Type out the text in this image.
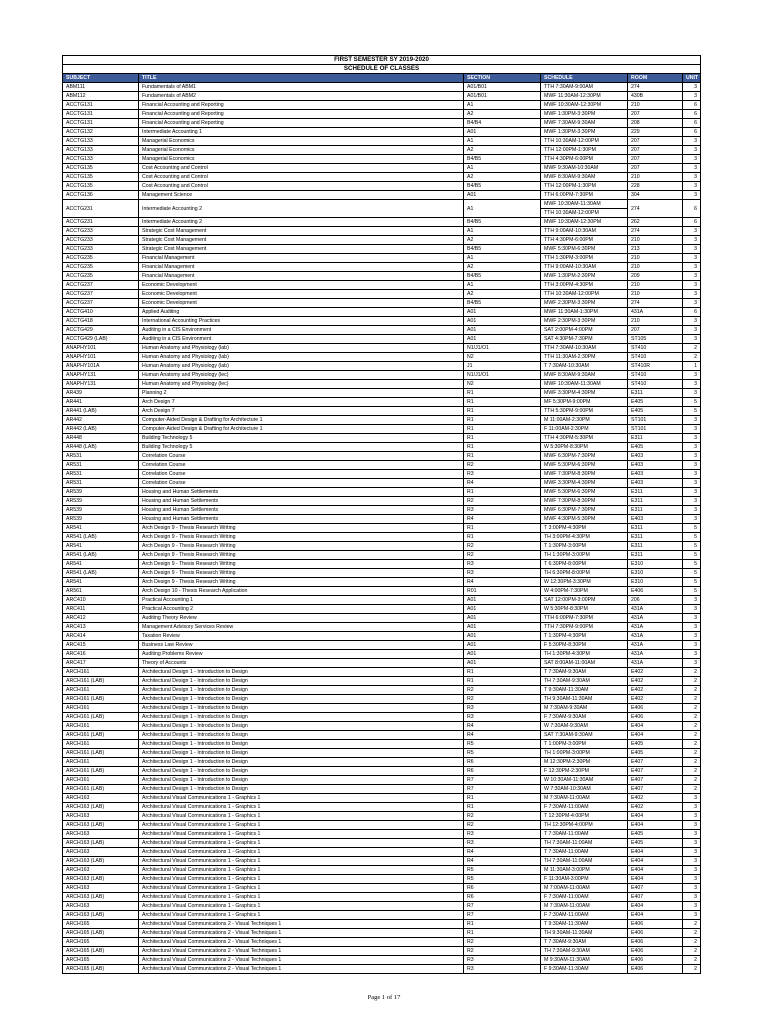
FIRST SEMESTER SY 2019-2020					
SCHEDULE OF CLASSES					
SUBJECT	TITLE	SECTION	SCHEDULE	ROOM	UNIT
ABM111	Fundamentals of ABM1	A01/B01	TTH 7:30AM-9:00AM	274	3
ABM112	Fundamentals of ABM2	A01/B01	MWF 11:30AM-12:30PM	430B	3
ACCTG131	Financial Accounting and Reporting	A1	MWF 10:30AM-12:30PM	210	6
ACCTG131	Financial Accounting and Reporting	A2	MWF 1:30PM-3:30PM	207	6
ACCTG131	Financial Accounting and Reporting	B4/B4	MWF 7:30AM-9:30AM	208	6
ACCTG132	Intermediate Accounting 1	A01	MWF 1:30PM-3:30PM	229	6
ACCTG133	Managerial Economics	A1	TTH 10:30AM-12:00PM	207	3
ACCTG133	Managerial Economics	A2	TTH 12:00PM-1:30PM	207	3
ACCTG133	Managerial Economics	B4/B5	TTH 4:30PM-6:00PM	207	3
ACCTG135	Cost Accounting and Control	A1	MWF 9:30AM-10:30AM	207	3
ACCTG135	Cost Accounting and Control	A2	MWF 8:30AM-9:30AM	210	3
ACCTG135	Cost Accounting and Control	B4/B5	TTH 12:00PM-1:30PM	228	3
ACCTG136	Management Science	A01	TTH 6:00PM-7:30PM	304	3
ACCTG231	Intermediate Accounting 2	A1	MWF 10:30AM-11:30AM
TTH 10:30AM-12:00PM	274	6
ACCTG231	Intermediate Accounting 2	B4/B5	MWF 10:30AM-12:30PM	262	6
ACCTG233	Strategic Cost Management	A1	TTH 9:00AM-10:30AM	274	3
ACCTG233	Strategic Cost Management	A2	TTH 4:30PM-6:00PM	210	3
ACCTG233	Strategic Cost Management	B4/B5	MWF 5:30PM-6:30PM	213	3
ACCTG235	Financial Management	A1	TTH 1:30PM-3:00PM	210	3
ACCTG235	Financial Management	A2	TTH 9:00AM-10:30AM	210	3
ACCTG235	Financial Management	B4/B5	MWF 1:30PM-2:30PM	209	3
ACCTG237	Economic Development	A1	TTH 3:00PM-4:30PM	210	3
ACCTG237	Economic Development	A2	TTH 10:30AM-12:00PM	210	3
ACCTG237	Economic Development	B4/B5	MWF 2:30PM-3:30PM	274	3
ACCTG410	Applied Auditing	A01	MWF 11:30AM-1:30PM	431A	6
ACCTG418	International Accounting Practices	A01	MWF 2:30PM-3:30PM	210	3
ACCTG429	Auditing in a CIS Environment	A01	SAT 2:00PM-4:00PM	207	3
ACCTG429 (LAB)	Auditing in a CIS Environment	A01	SAT 4:30PM-7:30PM	ST105	3
ANAPHY101	Human Anatomy and Physiology (lab)	N1/J1/O1	TTH 7:30AM-10:30AM	ST410	2
ANAPHY101	Human Anatomy and Physiology (lab)	N2	TTH 11:30AM-2:30PM	ST410	2
ANAPHY101A	Human Anatomy and Physiology (lab)	J1	T 7:30AM-10:30AM	ST410R	1
ANAPHY131	Human Anatomy and Physiology (lec)	N1/J1/O1	MWF 8:30AM-9:30AM	ST410	3
ANAPHY131	Human Anatomy and Physiology (lec)	N2	MWF 10:30AM-11:30AM	ST410	3
AR439	Planning 2	R1	MWF 3:30PM-4:30PM	E311	3
AR441	Arch Design 7	R1	MF 5:30PM-9:00PM	E405	5
AR441 (LAB)	Arch Design 7	R1	TTH 5:30PM-9:00PM	E405	5
AR442	Computer-Aided Design & Drafting for Architecture 1	R1	M 11:00AM-2:30PM	ST101	3
AR442 (LAB)	Computer-Aided Design & Drafting for Architecture 1	R1	F 11:00AM-2:30PM	ST101	3
AR448	Building Technology 5	R1	TTH 4:30PM-5:30PM	E311	3
AR448 (LAB)	Building Technology 5	R1	W 5:30PM-8:30PM	E405	3
AR531	Correlation Course	R1	MWF 6:30PM-7:30PM	E403	3
AR531	Correlation Course	R2	MWF 5:30PM-6:30PM	E403	3
AR531	Correlation Course	R3	MWF 7:30PM-8:30PM	E403	3
AR531	Correlation Course	R4	MWF 3:30PM-4:30PM	E403	3
AR539	Housing and Human Settlements	R1	MWF 5:30PM-6:30PM	E311	3
AR539	Housing and Human Settlements	R2	MWF 7:30PM-8:30PM	E311	3
AR539	Housing and Human Settlements	R3	MWF 6:30PM-7:30PM	E311	3
AR539	Housing and Human Settlements	R4	MWF 4:30PM-5:30PM	E403	3
AR541	Arch Design 9 - Thesis Research Writing	R1	T 3:00PM-4:30PM	E311	5
AR541 (LAB)	Arch Design 9 - Thesis Research Writing	R1	TH 3:00PM-4:30PM	E311	5
AR541	Arch Design 9 - Thesis Research Writing	R2	T 1:30PM-3:00PM	E311	5
AR541 (LAB)	Arch Design 9 - Thesis Research Writing	R2	TH 1:30PM-3:00PM	E311	5
AR541	Arch Design 9 - Thesis Research Writing	R3	T 6:30PM-8:00PM	E310	5
AR541 (LAB)	Arch Design 9 - Thesis Research Writing	R3	TH 6:30PM-8:00PM	E310	5
AR541	Arch Design 9 - Thesis Research Writing	R4	W 12:30PM-3:30PM	E310	5
AR561	Arch Design 10 - Thesis Research Application	R01	W 4:00PM-7:30PM	E406	5
ARC410	Practical Accounting 1	A01	SAT 12:00PM-3:00PM	206	3
ARC411	Practical Accounting 2	A01	W 5:30PM-8:30PM	431A	3
ARC412	Auditing Theory Review	A01	TTH 6:00PM-7:30PM	431A	3
ARC413	Management Advisory Services Review	A01	TTH 7:30PM-9:00PM	431A	3
ARC414	Taxation Review	A01	T 1:30PM-4:30PM	431A	3
ARC415	Business Law Review	A01	F 5:30PM-8:30PM	431A	3
ARC416	Auditing Problems Review	A01	TH 1:30PM-4:30PM	431A	3
ARC417	Theory of Accounts	A01	SAT 8:00AM-11:00AM	431A	3
ARCH161	Architectural Design 1 - Introduction to Design	R1	T 7:30AM-9:30AM	E402	2
ARCH161 (LAB)	Architectural Design 1 - Introduction to Design	R1	TH 7:30AM-9:30AM	E402	2
ARCH161	Architectural Design 1 - Introduction to Design	R2	T 9:30AM-11:30AM	E402	2
ARCH161 (LAB)	Architectural Design 1 - Introduction to Design	R2	TH 9:30AM-11:30AM	E402	2
ARCH161	Architectural Design 1 - Introduction to Design	R3	M 7:30AM-9:30AM	E406	2
ARCH161 (LAB)	Architectural Design 1 - Introduction to Design	R3	F 7:30AM-9:30AM	E406	2
ARCH161	Architectural Design 1 - Introduction to Design	R4	W 7:30AM-9:30AM	E404	2
ARCH161 (LAB)	Architectural Design 1 - Introduction to Design	R4	SAT 7:30AM-9:30AM	E404	2
ARCH161	Architectural Design 1 - Introduction to Design	R5	T 1:00PM-3:00PM	E405	2
ARCH161 (LAB)	Architectural Design 1 - Introduction to Design	R5	TH 1:00PM-3:00PM	E405	2
ARCH161	Architectural Design 1 - Introduction to Design	R6	M 12:30PM-2:30PM	E407	2
ARCH161 (LAB)	Architectural Design 1 - Introduction to Design	R6	F 12:30PM-2:30PM	E407	2
ARCH161	Architectural Design 1 - Introduction to Design	R7	W 10:30AM-11:30AM	E407	2
ARCH161 (LAB)	Architectural Design 1 - Introduction to Design	R7	W 7:30AM-10:30AM	E407	2
ARCH163	Architectural Visual Communications 1 - Graphics 1	R1	M 7:30AM-11:00AM	E402	3
ARCH163 (LAB)	Architectural Visual Communications 1 - Graphics 1	R1	F 7:30AM-11:00AM	E402	3
ARCH163	Architectural Visual Communications 1 - Graphics 1	R2	T 12:30PM-4:00PM	E404	3
ARCH163 (LAB)	Architectural Visual Communications 1 - Graphics 1	R2	TH 12:30PM-4:00PM	E404	3
ARCH163	Architectural Visual Communications 1 - Graphics 1	R3	T 7:30AM-11:00AM	E405	3
ARCH163 (LAB)	Architectural Visual Communications 1 - Graphics 1	R3	TH 7:30AM-11:00AM	E405	3
ARCH163	Architectural Visual Communications 1 - Graphics 1	R4	T 7:30AM-11:00AM	E404	3
ARCH163 (LAB)	Architectural Visual Communications 1 - Graphics 1	R4	TH 7:30AM-11:00AM	E404	3
ARCH163	Architectural Visual Communications 1 - Graphics 1	R5	M 11:30AM-3:00PM	E404	3
ARCH163 (LAB)	Architectural Visual Communications 1 - Graphics 1	R5	F 11:30AM-3:00PM	E404	3
ARCH163	Architectural Visual Communications 1 - Graphics 1	R6	M 7:00AM-11:00AM	E407	3
ARCH163 (LAB)	Architectural Visual Communications 1 - Graphics 1	R6	F 7:30AM-11:00AM	E407	3
ARCH163	Architectural Visual Communications 1 - Graphics 1	R7	M 7:30AM-11:00AM	E404	3
ARCH163 (LAB)	Architectural Visual Communications 1 - Graphics 1	R7	F 7:30AM-11:00AM	E404	3
ARCH165	Architectural Visual Communications 2 - Visual Techniques 1	R1	T 9:30AM-11:30AM	E406	2
ARCH165 (LAB)	Architectural Visual Communications 2 - Visual Techniques 1	R1	TH 9:30AM-11:30AM	E406	2
ARCH165	Architectural Visual Communications 2 - Visual Techniques 1	R2	T 7:30AM-9:30AM	E406	2
ARCH165 (LAB)	Architectural Visual Communications 2 - Visual Techniques 1	R2	TH 7:30AM-9:30AM	E406	2
ARCH165	Architectural Visual Communications 2 - Visual Techniques 1	R3	M 9:30AM-11:30AM	E406	2
ARCH165 (LAB)	Architectural Visual Communications 2 - Visual Techniques 1	R3	F 9:30AM-11:30AM	E406	2
Page 1 of 17
